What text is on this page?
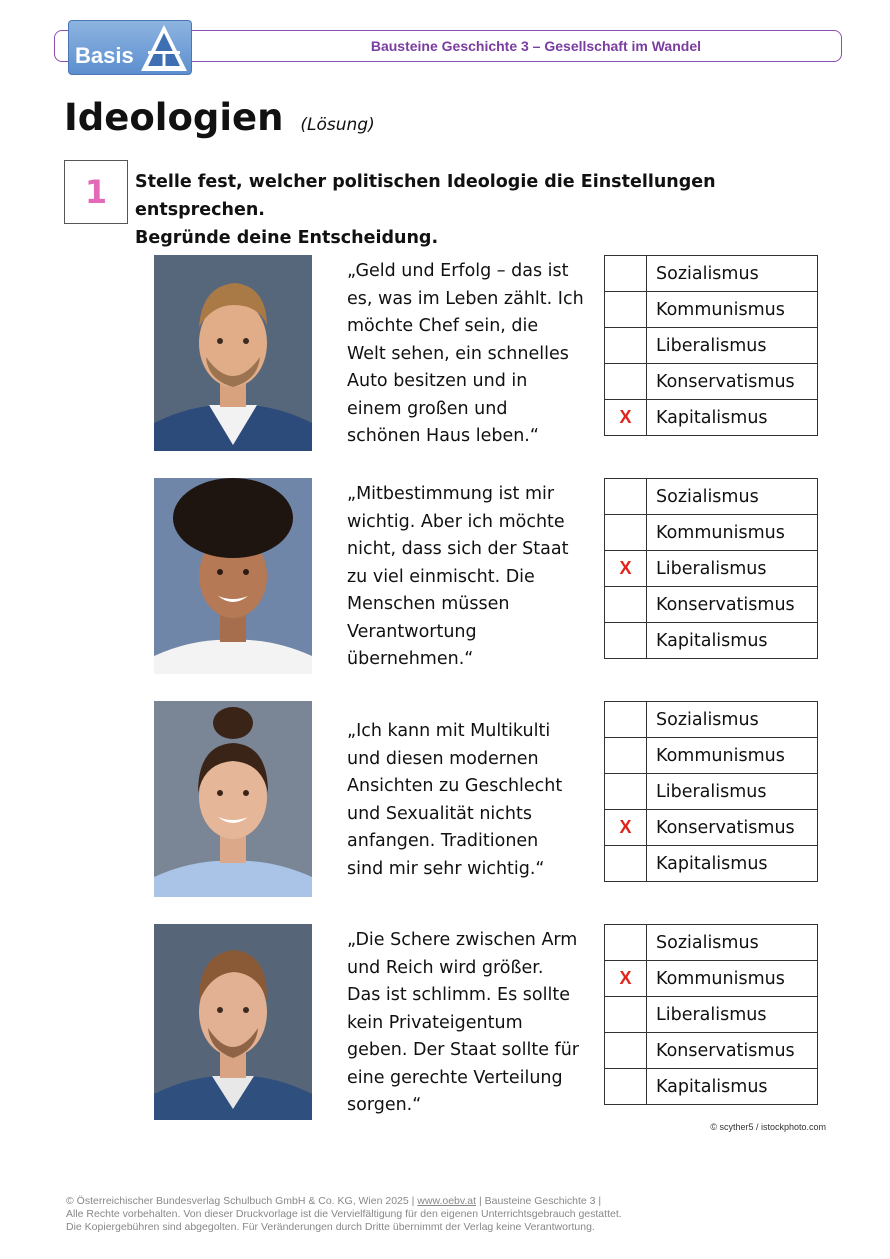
Bausteine Geschichte 3 – Gesellschaft im Wandel
Basis
Ideologien (Lösung)
1	Stelle fest, welcher politischen Ideologie die Einstellungen entsprechen.
Begründe deine Entscheidung.
„Geld und Erfolg – das ist
es, was im Leben zählt. Ich
möchte Chef sein, die
Welt sehen, ein schnelles
Auto besitzen und in
einem großen und
schönen Haus leben.“
	Sozialismus
	Kommunismus
	Liberalismus
	Konservatismus
X	Kapitalismus
„Mitbestimmung ist mir
wichtig. Aber ich möchte
nicht, dass sich der Staat
zu viel einmischt. Die
Menschen müssen
Verantwortung
übernehmen.“
	Sozialismus
	Kommunismus
X	Liberalismus
	Konservatismus
	Kapitalismus
„Ich kann mit Multikulti
und diesen modernen
Ansichten zu Geschlecht
und Sexualität nichts
anfangen. Traditionen
sind mir sehr wichtig.“
	Sozialismus
	Kommunismus
	Liberalismus
X	Konservatismus
	Kapitalismus
„Die Schere zwischen Arm
und Reich wird größer.
Das ist schlimm. Es sollte
kein Privateigentum
geben. Der Staat sollte für
eine gerechte Verteilung
sorgen.“
	Sozialismus
X	Kommunismus
	Liberalismus
	Konservatismus
	Kapitalismus
© scyther5 / istockphoto.com
© Österreichischer Bundesverlag Schulbuch GmbH & Co. KG, Wien 2025 | www.oebv.at | Bausteine Geschichte 3 |
Alle Rechte vorbehalten. Von dieser Druckvorlage ist die Vervielfältigung für den eigenen Unterrichtsgebrauch gestattet.
Die Kopiergebühren sind abgegolten. Für Veränderungen durch Dritte übernimmt der Verlag keine Verantwortung.
